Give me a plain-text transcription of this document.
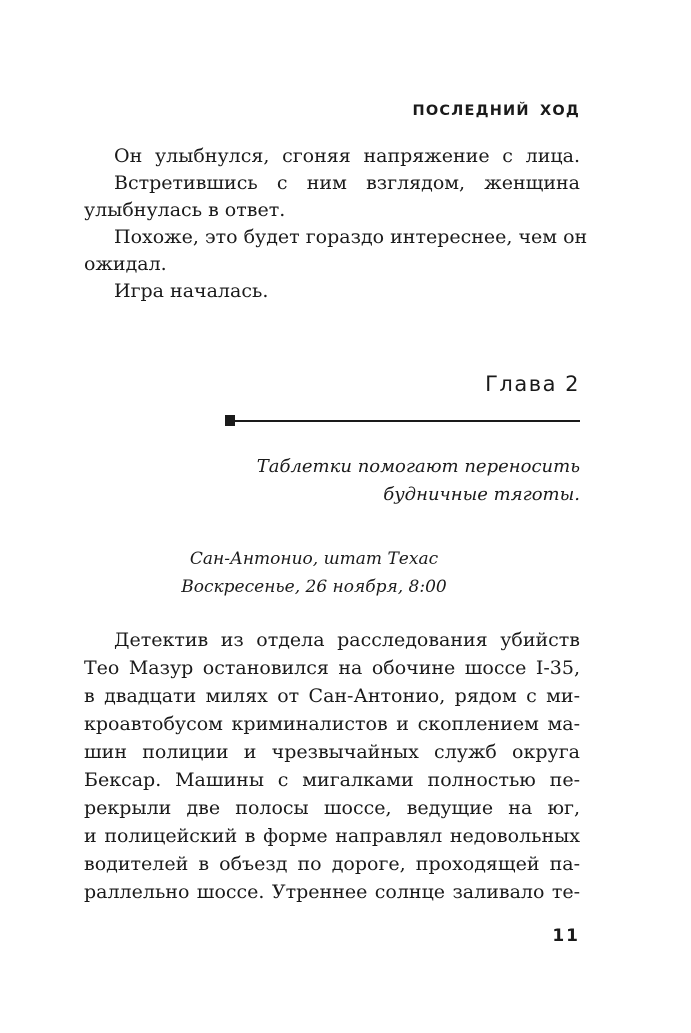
ПОСЛЕДНИЙ ХОД
Он улыбнулся, сгоняя напряжение с лица.
Встретившись с ним взглядом, женщина
улыбнулась в ответ.
Похоже, это будет гораздо интереснее, чем он
ожидал.
Игра началась.
Глава 2
Таблетки помогают переносить
будничные тяготы.
Сан-Антонио, штат Техас
Воскресенье, 26 ноября, 8:00
Детектив из отдела расследования убийств
Тео Мазур остановился на обочине шоссе I-35,
в двадцати милях от Сан-Антонио, рядом с ми-
кроавтобусом криминалистов и скоплением ма-
шин полиции и чрезвычайных служб округа
Бексар. Машины с мигалками полностью пе-
рекрыли две полосы шоссе, ведущие на юг,
и полицейский в форме направлял недовольных
водителей в объезд по дороге, проходящей па-
раллельно шоссе. Утреннее солнце заливало те-
11
